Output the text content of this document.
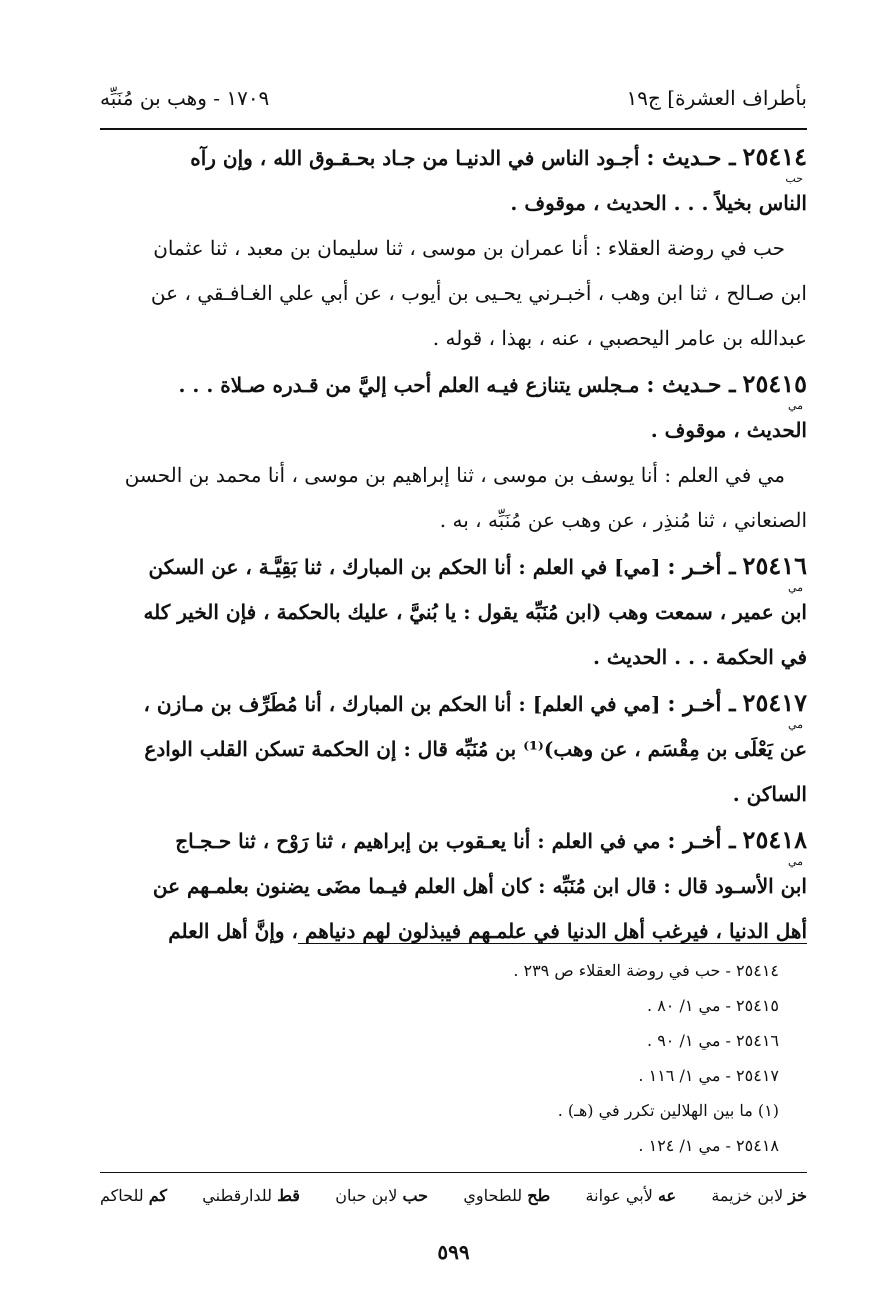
بأطراف العشرة] ج١٩
١٧٠٩ - وهب بن مُنَبِّه

٢٥٤١٤ ـ حـديث : أجـود الناس في الدنيـا من جـاد بحـقـوق الله ، وإن رآه

حب

الناس بخيلاً . . . الحديث ، موقوف .

حب في روضة العقلاء : أنا عمران بن موسى ، ثنا سليمان بن معبد ، ثنا عثمان

ابن صـالح ، ثنا ابن وهب ، أخبـرني يحـيى بن أيوب ، عن أبي علي الغـافـقي ، عن

عبدالله بن عامر اليحصبي ، عنه ، بهذا ، قوله .

٢٥٤١٥ ـ حـديث : مـجلس يتنازع فيـه العلم أحب إليَّ من قـدره صـلاة . . .

مي

الحديث ، موقوف .

مي في العلم : أنا يوسف بن موسى ، ثنا إبراهيم بن موسى ، أنا محمد بن الحسن

الصنعاني ، ثنا مُنذِر ، عن وهب عن مُنَبِّه ، به .

٢٥٤١٦ ـ أخـر : [مي] في العلم : أنا الحكم بن المبارك ، ثنا بَقِيَّـة ، عن السكن

مي

ابن عمير ، سمعت وهب (ابن مُنَبِّه يقول : يا بُنيَّ ، عليك بالحكمة ، فإن الخير كله

في الحكمة . . . الحديث .

٢٥٤١٧ ـ أخـر : [مي في العلم] : أنا الحكم بن المبارك ، أنا مُطَرِّف بن مـازن ،

مي

عن يَعْلَى بن مِقْسَم ، عن وهب)⁽¹⁾ بن مُنَبِّه قال : إن الحكمة تسكن القلب الوادع

الساكن .

٢٥٤١٨ ـ أخـر : مي في العلم : أنا يعـقوب بن إبراهيم ، ثنا رَوْح ، ثنا حـجـاج

مي

ابن الأسـود قال : قال ابن مُنَبِّه : كان أهل العلم فيـما مضَى يضنون بعلمـهم عن

أهل الدنيا ، فيرغب أهل الدنيا في علمـهم فيبذلون لهم دنياهم ، وإنَّ أهل العلم

٢٥٤١٤ - حب في روضة العقلاء ص ٢٣٩ .

٢٥٤١٥ - مي ١/ ٨٠ .

٢٥٤١٦ - مي ١/ ٩٠ .

٢٥٤١٧ - مي ١/ ١١٦ .

(١) ما بين الهلالين تكرر في (هـ) .

٢٥٤١٨ - مي ١/ ١٢٤ .

خز لابن خزيمة
عه لأبي عوانة
طح للطحاوي
حب لابن حبان
قط للدارقطني
كم للحاكم
٥٩٩
